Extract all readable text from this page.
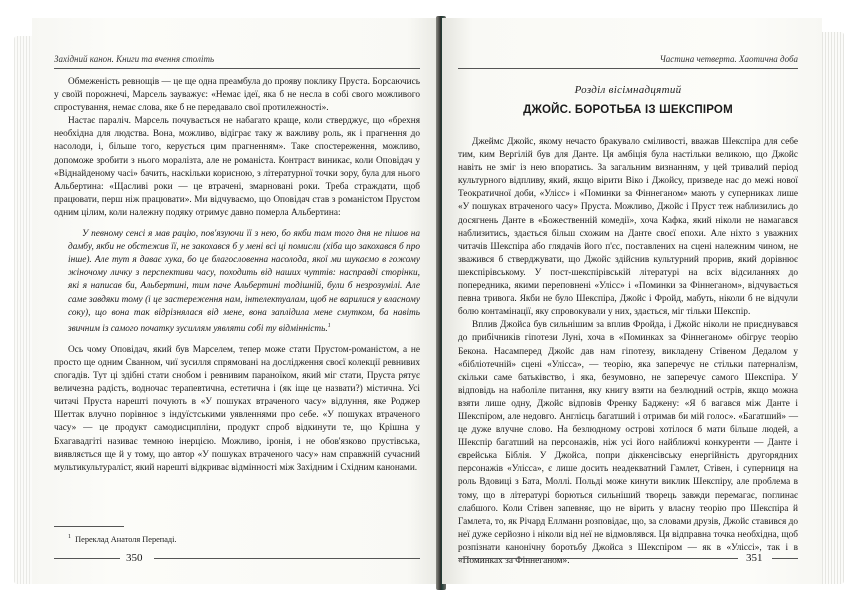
Західний канон. Книги та вчення століть

Обмеженість ревнощів — це ще одна преамбула до прояву поклику Пруста. Борсаючись у своїй порожнечі, Марсель зауважує: «Немає ідеї, яка б не несла в собі свого можливого спростування, немає слова, яке б не передавало свої протилежності».

Настає параліч. Марсель почувається не набагато краще, коли стверджує, що «брехня необхідна для людства. Вона, можливо, відіграє таку ж важливу роль, як і прагнення до насолоди, і, більше того, керується цим прагненням». Таке спостереження, можливо, допоможе зробити з нього моралізта, але не романіста. Контраст виникає, коли Оповідач у «Віднайденому часі» бачить, наскільки корисною, з літературної точки зору, була для нього Альбертина: «Щасливі роки — це втрачені, змарновані роки. Треба страждати, щоб працювати, перш ніж працювати». Ми відчуваємо, що Оповідач став з романістом Прустом одним цілим, коли належну подяку отримує давно померла Альбертина:

У певному сенсі я мав рацію, пов'язуючи її з нею, бо якби там того дня не пішов на дамбу, якби не обстежив її, не закохався б у мені всі ці помисли (хіба що закохався б про інше). Але тут я даває хука, бо це благословенна насолода, якої ми шукаємо в гожому жіночому личку з перспективи часу, походить від наших чуттів: насправді сторінки, які я написав би, Альбертині, тим паче Альбертині тодішній, були б незрозумілі. Але саме завдяки тому (і це застереження нам, інтелектуалам, щоб не варилися у власному соку), що вона так відрізнялася від мене, вона заплідила мене смутком, ба навіть звичним із самого початку зусиллям уявляти собі ту відмінність.$^1$

Ось чому Оповідач, який був Марселем, тепер може стати Прустом-романістом, а не просто ще одним Сванном, чиї зусилля спрямовані на дослідження своєї колекції ревнивих спогадів. Тут ці здібні стати снобом і ревнивим параноїком, який міг стати, Пруста рятує величезна радість, водночас терапевтична, естетична і (як іще це назвати?) містична. Усі читачі Пруста нарешті почують в «У пошуках втраченого часу» відлуння, яке Роджер Шеттак влучно порівнює з індуїстськими уявленнями про себе. «У пошуках втраченого часу» — це продукт самодисципліни, продукт спроб відкинути те, що Крішна у Бхагавадгіті називає темною інерцією. Можливо, іронія, і не обов'язково прустівська, виявляється ще й у тому, що автор «У пошуках втраченого часу» нам справжній сучасний мультикультураліст, який нарешті відкриває відмінності між Західним і Східним канонами.

$^1$ Переклад Анатоля Перепаді.
350
Частина четверта. Хаотична доба
Розділ вісімнадцятий
ДЖОЙС. БОРОТЬБА ІЗ ШЕКСПІРОМ

Джеймс Джойс, якому нечасто бракувало сміливості, вважав Шекспіра для себе тим, ким Вергілій був для Данте. Ця амбіція була настільки великою, що Джойс навіть не зміг із нею впоратись. За загальним визнанням, у цей тривалий період культурного відпливу, який, якщо вірити Віко і Джойсу, призведе нас до межі нової Теократичної доби, «Улісс» і «Поминки за Фіннеганом» мають у суперниках лише «У пошуках втраченого часу» Пруста. Можливо, Джойс і Пруст теж наблизились до досягнень Данте в «Божественній комедії», хоча Кафка, який ніколи не намагався наблизитись, здається більш схожим на Данте своєї епохи. Але ніхто з уважних читачів Шекспіра або глядачів його п'єс, поставлених на сцені належним чином, не зважився б стверджувати, що Джойс здійснив культурний прорив, який дорівнює шекспірівському. У пост-шекспірівській літературі на всіх відсиланнях до попередника, якими переповнені «Улісс» і «Поминки за Фіннеганом», відчувається певна тривога. Якби не було Шекспіра, Джойс і Фройд, мабуть, ніколи б не відчули болю контамінації, яку спровокували у них, здається, міг тільки Шекспір.

Вплив Джойса був сильнішим за вплив Фройда, і Джойс ніколи не приєднувався до прибічників гіпотези Луні, хоча в «Поминках за Фіннеганом» обігрує теорію Бекона. Насамперед Джойс дав нам гіпотезу, викладену Стівеном Дедалом у «бібліотечній» сцені «Улісса», — теорію, яка заперечує не стільки патерналізм, скільки саме батьківство, і яка, безумовно, не заперечує самого Шекспіра. У відповідь на наболіле питання, яку книгу взяти на безлюдний острів, якщо можна взяти лише одну, Джойс відповів Френку Баджену: «Я б вагався між Данте і Шекспіром, але недовго. Англієць багатший і отримав би мій голос». «Багатший» — це дуже влучне слово. На безлюдному острові хотілося б мати більше людей, а Шекспір багатший на персонажів, ніж усі його найближчі конкуренти — Данте і єврейська Біблія. У Джойса, попри діккенсівську енергійність другорядних персонажів «Улісса», є лише досить неадекватний Гамлет, Стівен, і суперниця на роль Вдовиці з Бата, Моллі. Польді може кинути виклик Шекспіру, але проблема в тому, що в літературі борються сильніший творець завжди перемагає, поглинає слабшого. Коли Стівен запевняє, що не вірить у власну теорію про Шекспіра й Гамлета, то, як Річард Еллманн розповідає, що, за словами друзів, Джойс ставився до неї дуже серйозно і ніколи від неї не відмовлявся. Ця відправна точка необхідна, щоб розпізнати канонічну боротьбу Джойса з Шекспіром — як в «Уліссі», так і в «Поминках за Фіннеганом».	351
